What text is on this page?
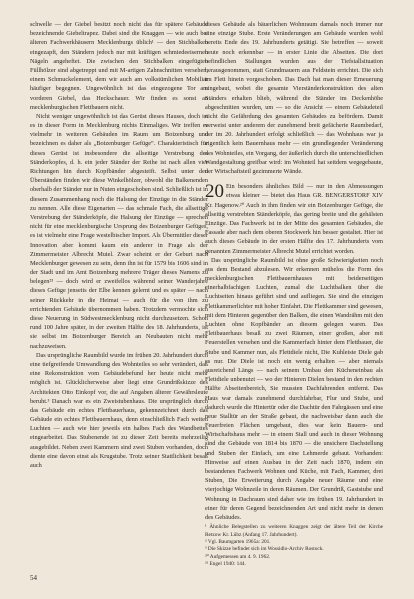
schwelle — der Giebel besitzt noch nicht das für spätere Gebäude bezeichnende Giebeltrapez. Dabei sind die Knaggen — wie auch bei älteren Fachwerkhäusern Mecklenburgs üblich¹ — den Stichbalken eingezapft, den Ständern jedoch nur mit kräftigen schmiedeeisernen Nägeln angeheftet. Die zwischen den Stichbalken eingefügten Füllhölzer sind abgetreppt und mit M-artigen Zahnschnitten versehen, einem Schmuckelement, dem wir auch am volkstümlichen Mobiliar häufiger begegnen. Ungewöhnlich ist das eingezogene Tor am vorderen Giebel, das Heckschauer. Wir finden es sonst an mecklenburgischen Flettbauern nicht.

Nicht weniger ungewöhnlich ist das Gerüst dieses Hauses, doch ist es in dieser Form in Mecklenburg nichts Einmaliges. Wir treffen es vielmehr in weiteren Gebäuden im Raum um Boizenburg und bezeichnen es daher als „Boizenburger Gefüge“. Charakteristisch für dieses Gerüst ist insbesondere die allseitige Verstrebung des Ständerkopfes, d. h. ein jeder Ständer der Reihe ist nach allen vier Richtungen hin durch Kopfbänder abgesteift. Selbst unter den Überständen finden wir diese Winkelhölzer, obwohl die Balkenenden oberhalb der Ständer nur in Nuten eingeschoben sind. Schließlich ist in diesem Zusammenhang noch die Halsung der Einzüge in die Ständer zu nennen. Alle diese Eigenarten — das schmale Fach, die allseitige Verstrebung der Ständerköpfe, die Halsung der Einzüge — sprechen nicht für eine mecklenburgische Ursprung des Boizenburger Gefüges, es ist vielmehr eine Frage westelbischer Import. Als Übermittler dieser Innovation aber kommt kaum ein anderer in Frage als der Zimmermeister Albrecht Mutel. Zwar scheint er der Geburt nach Mecklenburger gewesen zu sein, denn ihn ist für 1579 bis 1606 sind in der Stadt und im Amt Boizenburg mehrere Träger dieses Namens zu belegen²³ — doch wird er zweifellos während seiner Wanderjahre dieses Gefüge jenseits der Elbe kennen gelernt und es später — nach seiner Rückkehr in die Heimat — auch für die von ihm zu errichtenden Gebäude übernommen haben. Trotzdem vermochte sich diese Neuerung in Südwestmecklenburg nicht durchzusetzen. Schon rund 100 Jahre später, in der zweiten Hälfte des 18. Jahrhunderts, ist sie selbst im Boizenburger Bereich an Neubauten nicht mehr nachzuweisen.

Das ursprüngliche Raumbild wurde im frühen 20. Jahrhundert durch eine tiefgreifende Umwandlung des Wohnteiles so sehr verändert, daß eine Rekonstruktion vom Gebäudebefund her heute nicht mehr möglich ist. Glücklicherweise aber liegt eine Grundrißskizze des Architekten Otto Einkopf vor, die auf Angaben älterer Gewährsleute beruht.³ Danach war es ein Zweistubenhaus. Die ursprünglich durch das Gebäude ein echtes Flettbauerhaus, gekennzeichnet durch das Gebäude ein echtes Flettbauernhaus, denn einschließlich Fach weiten Luchten — auch wie hier jeweils ein halbes Fach des Wandbettes eingearbeitet. Das Stubenende ist zu dieser Zeit bereits mehrzeilig ausgebildet. Neben zwei Kammern sind zwei Stuben vorhanden, doch diente eine davon einst als Krugstube. Trotz seiner Stattlichkeit besaß auch

dieses Gebäude als bäuerlichen Wohnraum damals noch immer nur eine einzige Stube. Erste Veränderungen am Gebäude wurden wohl bereits Ende des 19. Jahrhunderts getätigt. Sie betreffen — soweit heute noch erkennbar — in erster Linie die Abseiten. Die dort befindlichen Stallungen wurden aus der Tiefstallsituation herausgenommen, statt Grundmauern aus Feldstein errichtet. Die sich im Flett hinein vorgeschoben. Das Dach hat man dieser Erneuerung eingebaut, wobei die gesamte Vierständerkonstruktion des alten Ständers erhalten blieb, während die Ständer im Deckenhöhe abgeschnitten wurden, um — so die Ansicht — einem Gebäudeteil nicht die Gefährdung des gesamten Gebäudes zu befördern. Damit verweist unter anderem der zunehmend breit gefächerte Raumbedarf, der im 20. Jahrhundert erfolgt schließlich — das Wohnhaus war ja eigentlich kein Bauernhaus mehr — ein grundlegender Veränderung des Wohnteiles, ein Vorgang, der äußerlich durch die unterschiedlichen Wandgestaltung greifbar wird: im Wohnteil hat seitdem wegegebaute, der Wirtschaftsteil gezimmerte Wände.

20 Ein besonders ähnliches Bild — nur in den Abmessungen etwas kleiner — bietet das Haus GR. BENGERSTORF XIV Kr. Hagenow.²⁰ Auch in ihm finden wir ein Boizenburger Gefüge, die allseitig verstrebten Ständerköpfe, das gering breite und die gehälsten Einzüge. Das Fachwerk ist in der Mitte des gesamten Gebäudes, die Fassade aber nach dem oberen Stockwerk hin besser gestaltet. Hier ist auch dieses Gebäude in der ersten Hälfte des 17. Jahrhunderts vom genannten Zimmermeister Albrecht Mutel errichtet worden.

Das ursprüngliche Raumbild ist ohne große Schwierigkeiten noch aus dem Bestand abzulesen. Wir erkennen mühelos die Form des mecklenburgischen Flettbauernhauses mit beiderseitigen einerhalbfachigen Luchten, zumal die Luchtbalken über die Luchtseiten hinaus geführt sind und aufliegen. Sie sind die einzigen Flettkammerlichter mit hoher Einfahrt. Die Flettkammer sind gewesen, mit dem Hinteren gegenüber den Balken, die einen Wandrähm mit den Luchten ohne Kopfbänder an diesem gelegen waren. Das Flettbauerhaus besaß zu zwei Räumen, einer großen, aber mit Feuerstellen versehen und die Kammerfach hinter dem Flettbauer, die Stube und Kammer nun, als Flettdiele nicht, Die Kuhleiste Diele gab es nur. Die Diele ist noch ein wenig erhalten — aber niemals ausreichend Längs — nach seinem Umbau den Kücheneinbau als Flettdiele unbenutzt — wo der Hinteren Dielen bestand in den rechten Hälfte Abseitenbereich, Sie mussten Dachfahrenden entfernt. Das Haus war damals zunehmend durchfahrbar, Flur und Stube, und dadurch wurde die Hintertür oder die Dachtür den Fahrgässen und eine neue Stalltür an der Straße gebaut, die nachweisbar dann auch die Feuerfreien Flächen umgebaut, dies war kein Bauern- und Wirtschaftshaus mehr — in einem Stall und auch in dieser Wohnung sind die Gebäude von 1814 bis 1870 — die unsichere Dachstellung und Stuben der Einfach, um eine Lehmerde gebaut. Vorhanden: Hinweise auf einen Ausbau in der Zeit nach 1870, indem ein bestandenes Fachwerk Wohnen und Küche, mit Fach, Kammer, drei Stuben, Die Erweiterung durch Angabe neuer Räume und eine vierjochige Wohnzeile in deren Räumen. Der Grundriß, Gaststube und Wohnung in Dachraum sind daher wie im frühen 19. Jahrhundert in einer für deren Gegend bezeichnenden Art und nicht mehr in denen des Gebäudes.

¹ Ähnliche Belegstellen zu weiteren Knaggen zeigt der ältere Teil der Kirche Retzow Kr. Lübz (Anfang 17. Jahrhundert).
² Vgl. Baumgarten 1965a: 201.
³ Die Skizze befindet sich im Wossidlo-Archiv Rostock.
²⁰ Aufgemessen am 4. 9. 1962.
²¹ Engel 1940: 144.
54
